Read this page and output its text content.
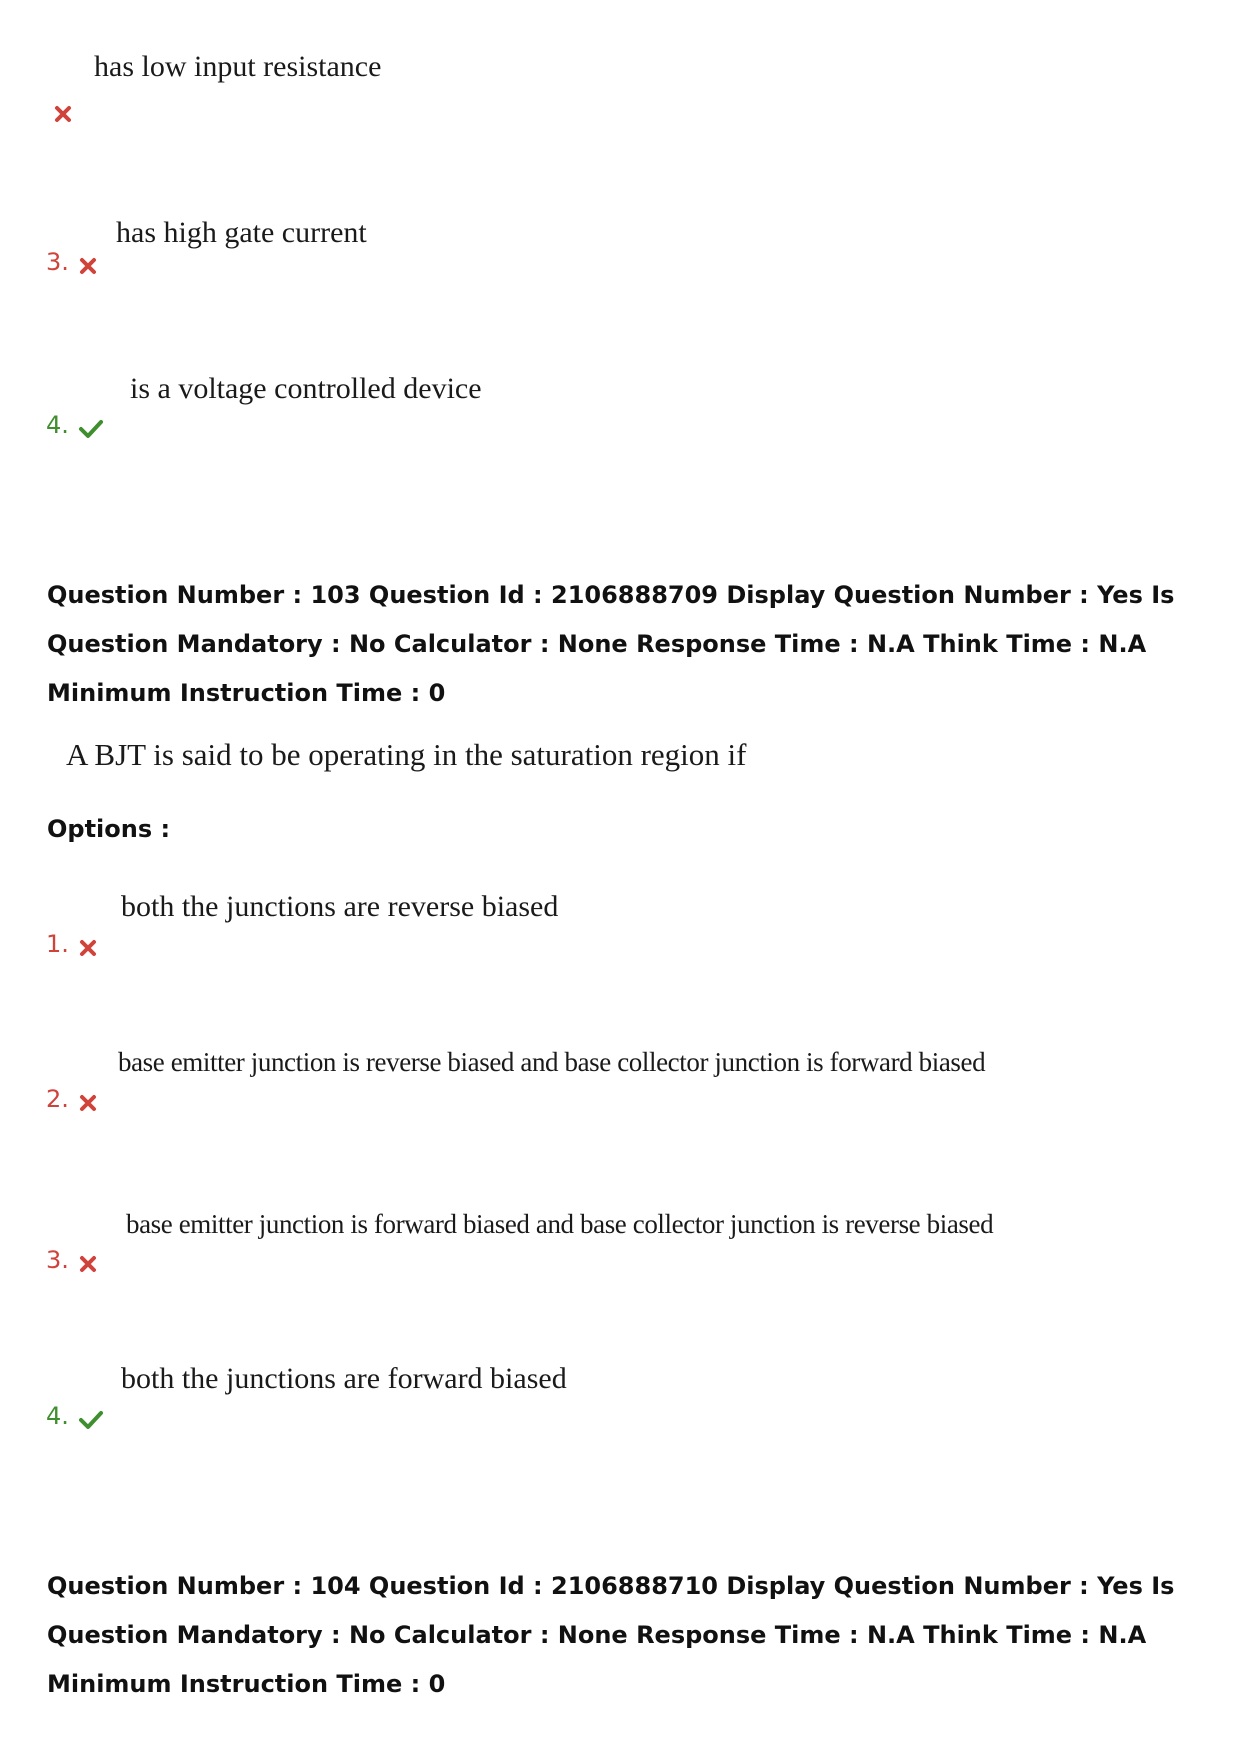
has low input resistance
has high gate current
3.
is a voltage controlled device
4.
Question Number : 103 Question Id : 2106888709 Display Question Number : Yes Is Question Mandatory : No Calculator : None Response Time : N.A Think Time : N.A Minimum Instruction Time : 0
A BJT is said to be operating in the saturation region if
Options :
both the junctions are reverse biased
1.
base emitter junction is reverse biased and base collector junction is forward biased
2.
base emitter junction is forward biased and base collector junction is reverse biased
3.
both the junctions are forward biased
4.
Question Number : 104 Question Id : 2106888710 Display Question Number : Yes Is Question Mandatory : No Calculator : None Response Time : N.A Think Time : N.A Minimum Instruction Time : 0
